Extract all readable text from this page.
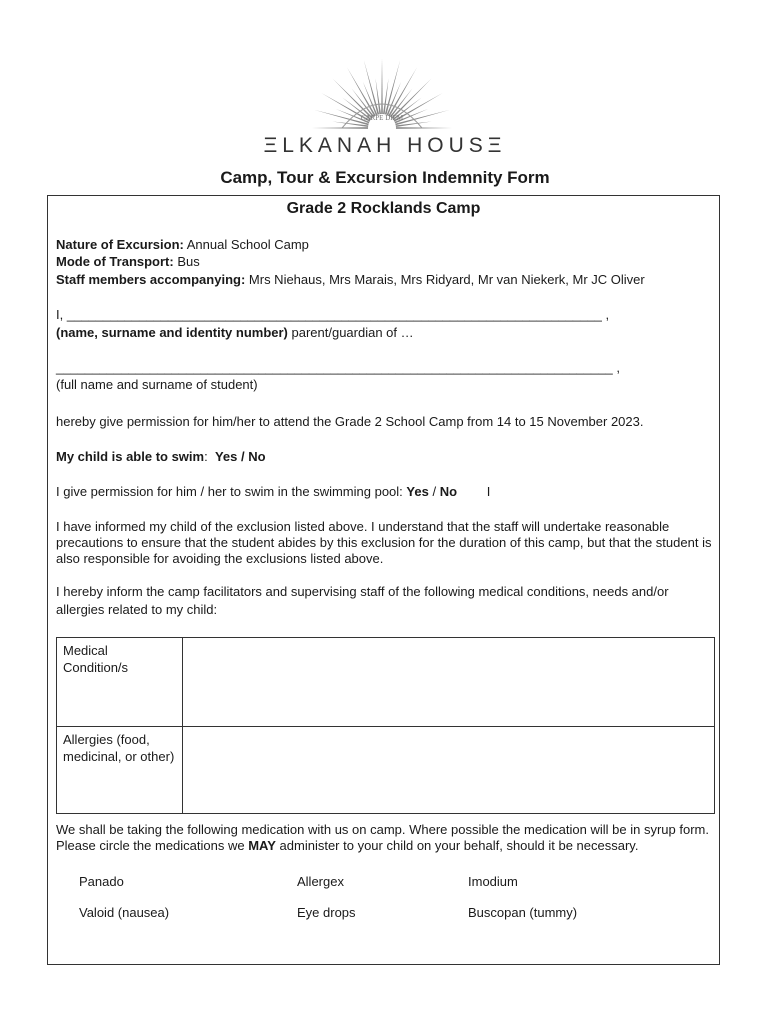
CARPE DIEM
ΞLKANAH HOUSΞ
Camp, Tour & Excursion Indemnity Form
Grade 2 Rocklands Camp
Nature of Excursion: Annual School Camp
Mode of Transport: Bus
Staff members accompanying: Mrs Niehaus, Mrs Marais, Mrs Ridyard, Mr van Niekerk, Mr JC Oliver
I, __________________________________________________________________________ ,
(name, surname and identity number) parent/guardian of …
_____________________________________________________________________________ ,
(full name and surname of student)
hereby give permission for him/her to attend the Grade 2 School Camp from 14 to 15 November 2023.
My child is able to swim: Yes / No
I give permission for him / her to swim in the swimming pool: Yes / No I
I have informed my child of the exclusion listed above. I understand that the staff will undertake reasonable precautions to ensure that the student abides by this exclusion for the duration of this camp, but that the student is also responsible for avoiding the exclusions listed above.
I hereby inform the camp facilitators and supervising staff of the following medical conditions, needs and/or allergies related to my child:
Medical Condition/s
Allergies (food, medicinal, or other)
We shall be taking the following medication with us on camp. Where possible the medication will be in syrup form. Please circle the medications we MAY administer to your child on your behalf, should it be necessary.
Panado	Allergex	Imodium
Valoid (nausea)	Eye drops	Buscopan (tummy)
